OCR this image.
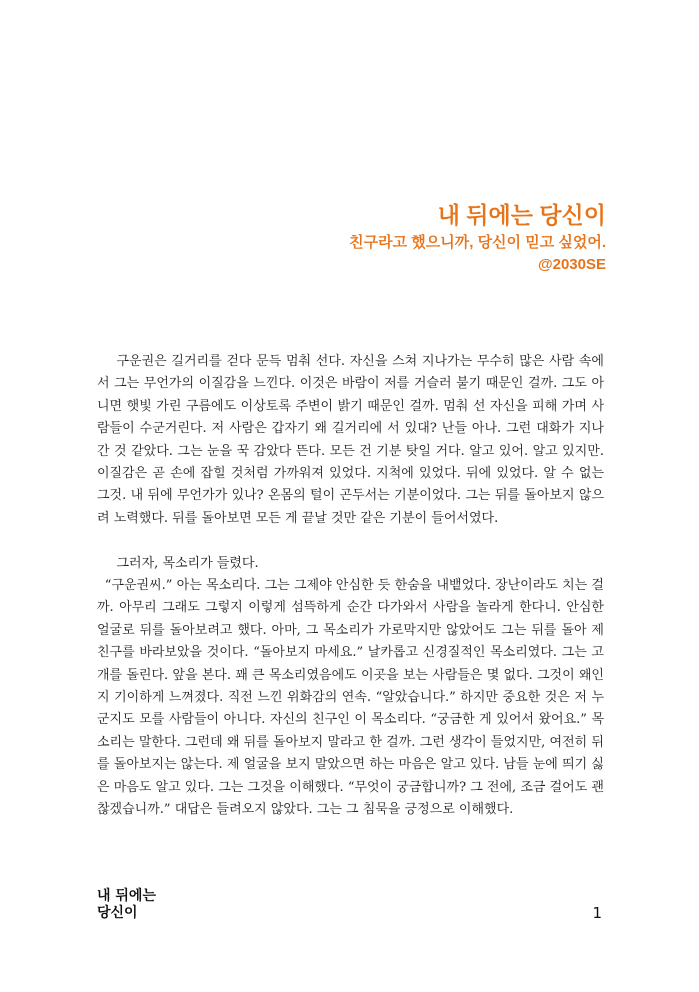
내 뒤에는 당신이
친구라고 했으니까, 당신이 믿고 싶었어.
@2030SE

구운권은 길거리를 걷다 문득 멈춰 선다. 자신을 스쳐 지나가는 무수히 많은 사람 속에서 그는 무언가의 이질감을 느낀다. 이것은 바람이 저를 거슬러 불기 때문인 걸까. 그도 아니면 햇빛 가린 구름에도 이상토록 주변이 밝기 때문인 걸까. 멈춰 선 자신을 피해 가며 사람들이 수군거린다. 저 사람은 갑자기 왜 길거리에 서 있대? 난들 아나. 그런 대화가 지나간 것 같았다. 그는 눈을 꾹 감았다 뜬다. 모든 건 기분 탓일 거다. 알고 있어. 알고 있지만. 이질감은 곧 손에 잡힐 것처럼 가까워져 있었다. 지척에 있었다. 뒤에 있었다. 알 수 없는 그것. 내 뒤에 무언가가 있나? 온몸의 털이 곤두서는 기분이었다. 그는 뒤를 돌아보지 않으려 노력했다. 뒤를 돌아보면 모든 게 끝날 것만 같은 기분이 들어서였다.

그러자, 목소리가 들렸다.

“구운권씨.” 아는 목소리다. 그는 그제야 안심한 듯 한숨을 내뱉었다. 장난이라도 치는 걸까. 아무리 그래도 그렇지 이렇게 섬뜩하게 순간 다가와서 사람을 놀라게 한다니. 안심한 얼굴로 뒤를 돌아보려고 했다. 아마, 그 목소리가 가로막지만 않았어도 그는 뒤를 돌아 제 친구를 바라보았을 것이다. “돌아보지 마세요.” 날카롭고 신경질적인 목소리였다. 그는 고개를 돌린다. 앞을 본다. 꽤 큰 목소리였음에도 이곳을 보는 사람들은 몇 없다. 그것이 왜인지 기이하게 느껴졌다. 직전 느낀 위화감의 연속. “알았습니다.” 하지만 중요한 것은 저 누군지도 모를 사람들이 아니다. 자신의 친구인 이 목소리다. “궁금한 게 있어서 왔어요.” 목소리는 말한다. 그런데 왜 뒤를 돌아보지 말라고 한 걸까. 그런 생각이 들었지만, 여전히 뒤를 돌아보지는 않는다. 제 얼굴을 보지 말았으면 하는 마음은 알고 있다. 남들 눈에 띄기 싫은 마음도 알고 있다. 그는 그것을 이해했다. “무엇이 궁금합니까? 그 전에, 조금 걸어도 괜찮겠습니까.” 대답은 들려오지 않았다. 그는 그 침묵을 긍정으로 이해했다.

내 뒤에는
당신이	1
